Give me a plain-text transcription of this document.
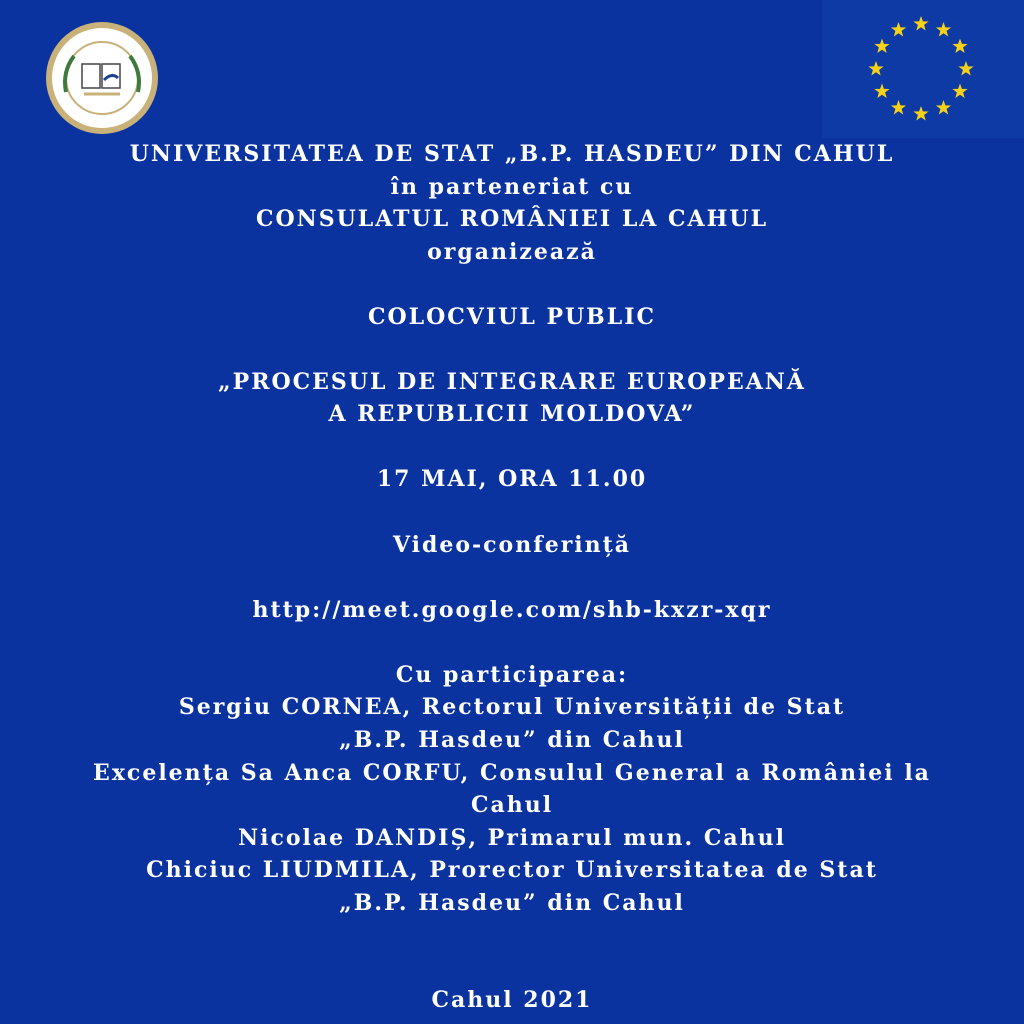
UNIVERSITATEA DE STAT „B.P. HASDEU” DIN CAHUL
în parteneriat cu
CONSULATUL ROMÂNIEI LA CAHUL
organizează
COLOCVIUL PUBLIC
„PROCESUL DE INTEGRARE EUROPEANĂ
A REPUBLICII MOLDOVA”
17 MAI, ORA 11.00
Video-conferință
http://meet.google.com/shb-kxzr-xqr
Cu participarea:
Sergiu CORNEA, Rectorul Universității de Stat
„B.P. Hasdeu” din Cahul
Excelența Sa Anca CORFU, Consulul General a României la
Cahul
Nicolae DANDIȘ, Primarul mun. Cahul
Chiciuc LIUDMILA, Prorector Universitatea de Stat
„B.P. Hasdeu” din Cahul
Cahul 2021
